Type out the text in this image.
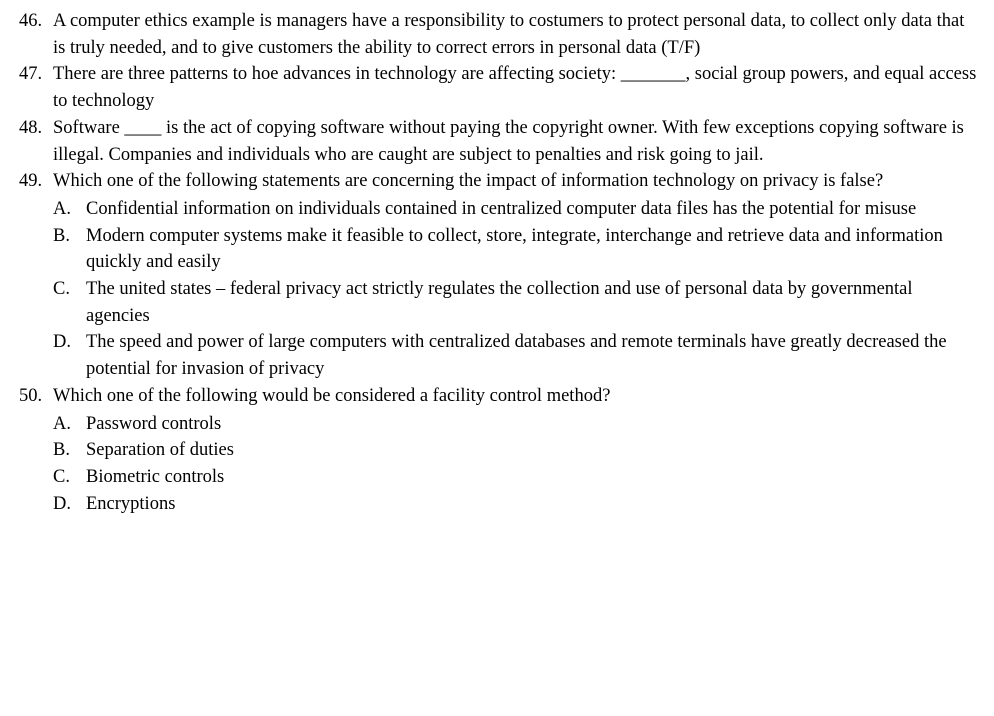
46. A computer ethics example is managers have a responsibility to costumers to protect personal data, to collect only data that is truly needed, and to give customers the ability to correct errors in personal data (T/F)
47. There are three patterns to hoe advances in technology are affecting society: _______, social group powers, and equal access to technology
48. Software ____ is the act of copying software without paying the copyright owner. With few exceptions copying software is illegal. Companies and individuals who are caught are subject to penalties and risk going to jail.
49. Which one of the following statements are concerning the impact of information technology on privacy is false?
A. Confidential information on individuals contained in centralized computer data files has the potential for misuse
B. Modern computer systems make it feasible to collect, store, integrate, interchange and retrieve data and information quickly and easily
C. The united states – federal privacy act strictly regulates the collection and use of personal data by governmental agencies
D. The speed and power of large computers with centralized databases and remote terminals have greatly decreased the potential for invasion of privacy
50. Which one of the following would be considered a facility control method?
A. Password controls
B. Separation of duties
C. Biometric controls
D. Encryptions
